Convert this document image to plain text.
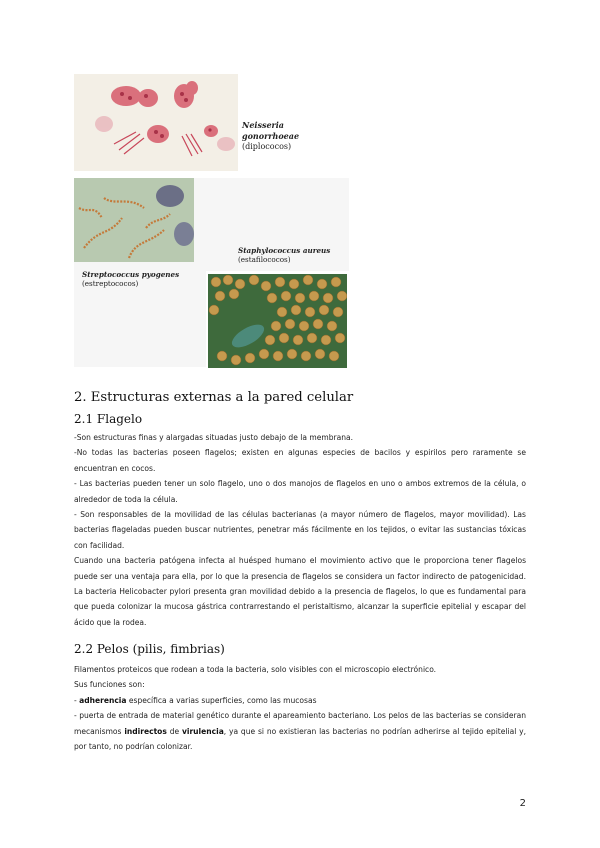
Neisseria
gonorrhoeae
(diplococos)
Staphylococcus aureus
(estafilococos)
Streptococcus pyogenes
(estreptococos)
2. Estructuras externas a la pared celular
2.1 Flagelo

-Son estructuras finas y alargadas situadas justo debajo de la membrana.

-No todas las bacterias poseen flagelos; existen en algunas especies de bacilos y espirilos pero raramente se encuentran en cocos.

- Las bacterias pueden tener un solo flagelo, uno o dos manojos de flagelos en uno o ambos extremos de la célula, o alrededor de toda la célula.

- Son responsables de la movilidad de las células bacterianas (a mayor número de flagelos, mayor movilidad). Las bacterias flageladas pueden buscar nutrientes, penetrar más fácilmente en los tejidos, o evitar las sustancias tóxicas con facilidad.

Cuando una bacteria patógena infecta al huésped humano el movimiento activo que le proporciona tener flagelos puede ser una ventaja para ella, por lo que la presencia de flagelos se considera un factor indirecto de patogenicidad. La bacteria Helicobacter pylori presenta gran movilidad debido a la presencia de flagelos, lo que es fundamental para que pueda colonizar la mucosa gástrica contrarrestando el peristaltismo, alcanzar la superficie epitelial y escapar del ácido que la rodea.

2.2 Pelos (pilis, fimbrias)

Filamentos proteicos que rodean a toda la bacteria, solo visibles con el microscopio electrónico.

Sus funciones son:

- adherencia específica a varias superficies, como las mucosas

- puerta de entrada de material genético durante el apareamiento bacteriano. Los pelos de las bacterias se consideran mecanismos indirectos de virulencia, ya que si no existieran las bacterias no podrían adherirse al tejido epitelial y, por tanto, no podrían colonizar.

2
